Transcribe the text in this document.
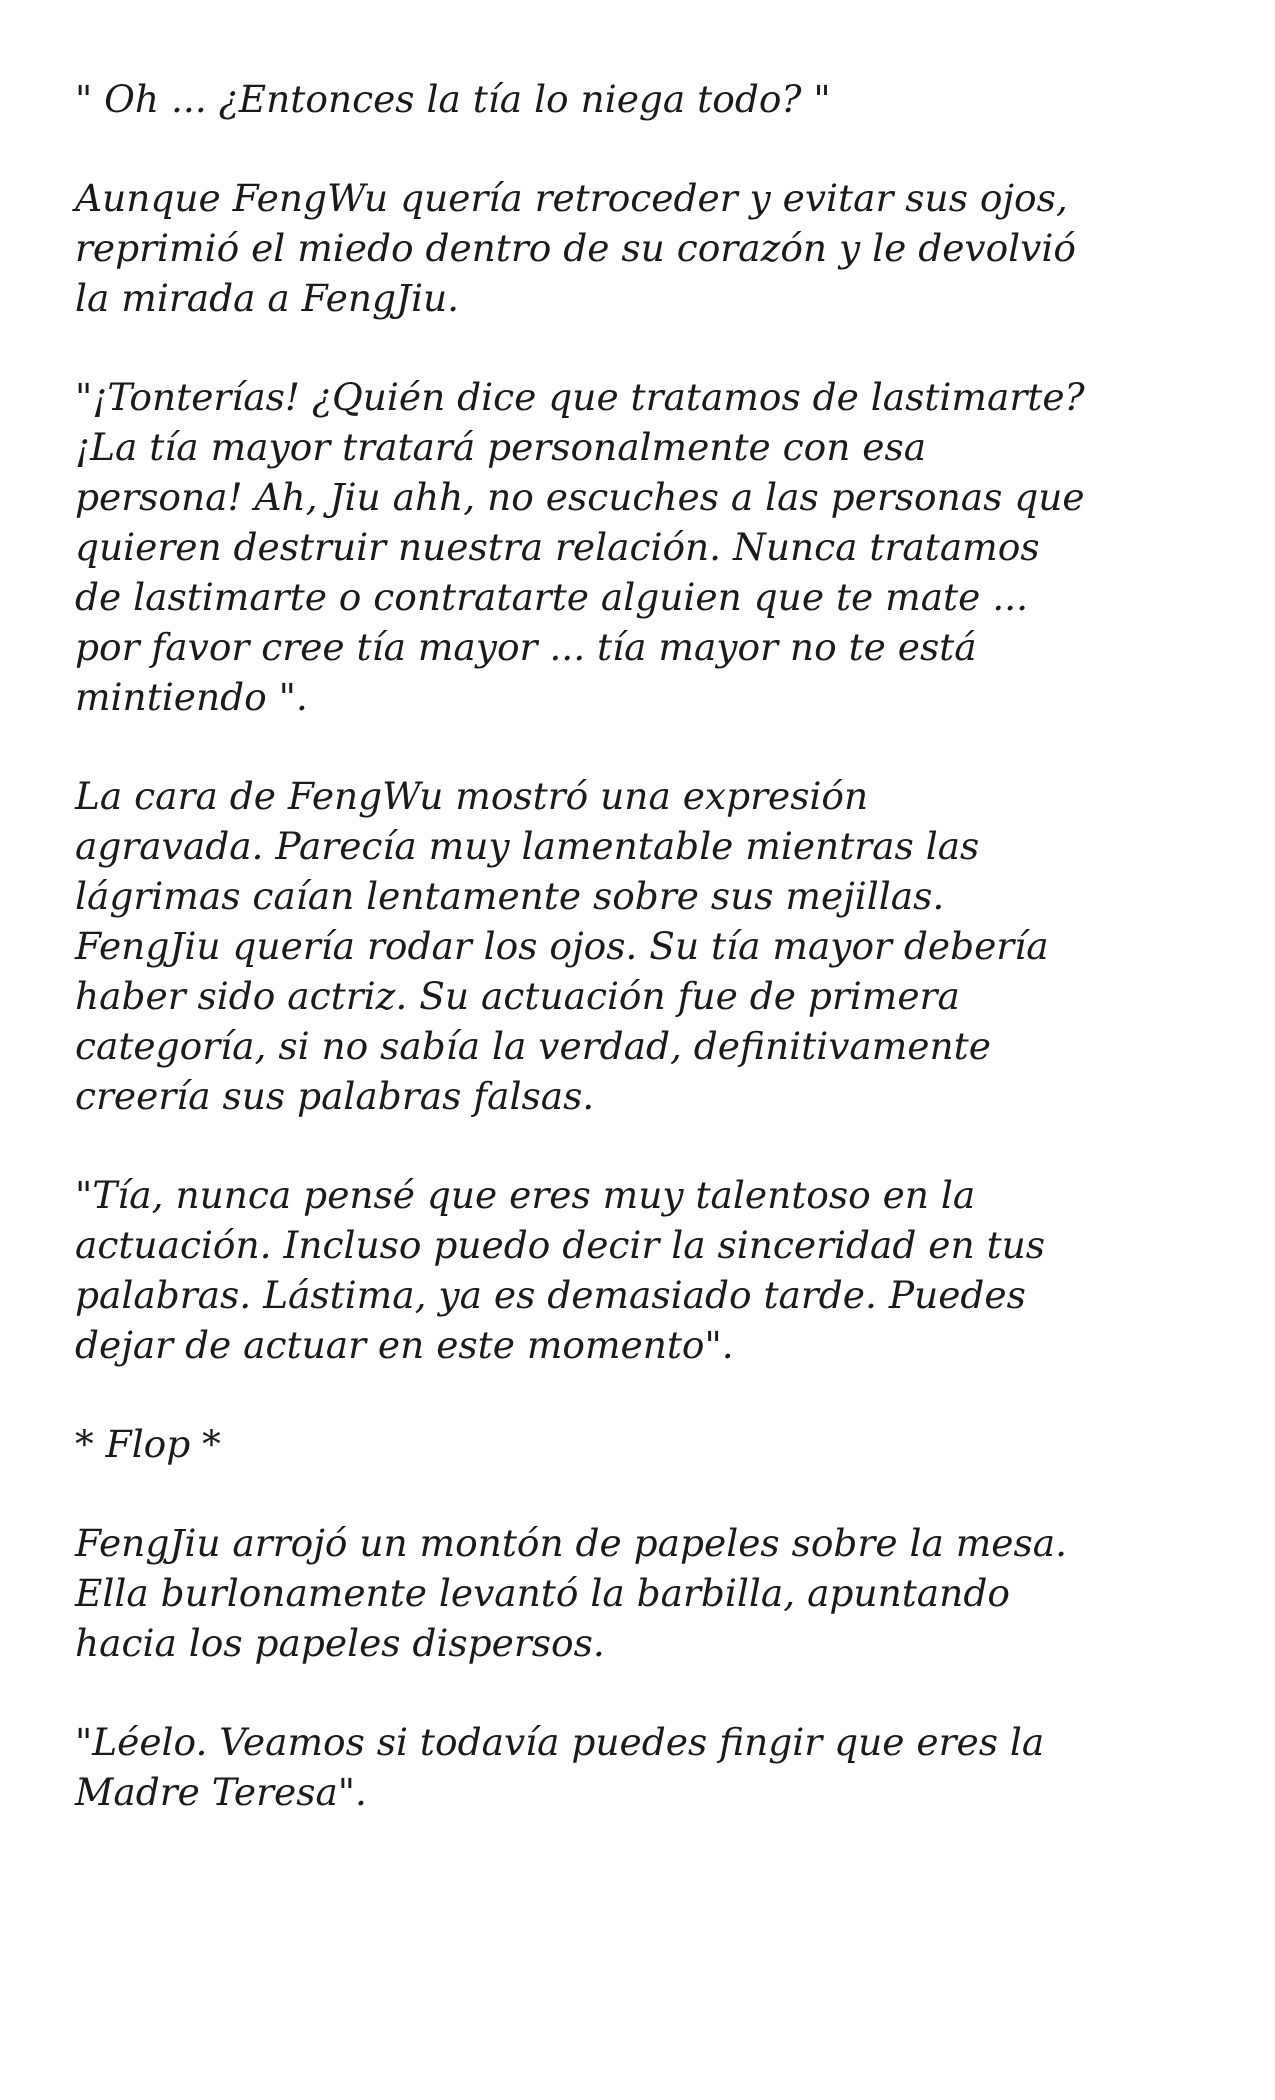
" Oh ... ¿Entonces la tía lo niega todo? "

Aunque FengWu quería retroceder y evitar sus ojos,
reprimió el miedo dentro de su corazón y le devolvió
la mirada a FengJiu.

"¡Tonterías! ¿Quién dice que tratamos de lastimarte?
¡La tía mayor tratará personalmente con esa
persona! Ah, Jiu ahh, no escuches a las personas que
quieren destruir nuestra relación. Nunca tratamos
de lastimarte o contratarte alguien que te mate ...
por favor cree tía mayor ... tía mayor no te está
mintiendo ".

La cara de FengWu mostró una expresión
agravada. Parecía muy lamentable mientras las
lágrimas caían lentamente sobre sus mejillas.
FengJiu quería rodar los ojos. Su tía mayor debería
haber sido actriz. Su actuación fue de primera
categoría, si no sabía la verdad, definitivamente
creería sus palabras falsas.

"Tía, nunca pensé que eres muy talentoso en la
actuación. Incluso puedo decir la sinceridad en tus
palabras. Lástima, ya es demasiado tarde. Puedes
dejar de actuar en este momento".

* Flop *

FengJiu arrojó un montón de papeles sobre la mesa.
Ella burlonamente levantó la barbilla, apuntando
hacia los papeles dispersos.

"Léelo. Veamos si todavía puedes fingir que eres la
Madre Teresa".
